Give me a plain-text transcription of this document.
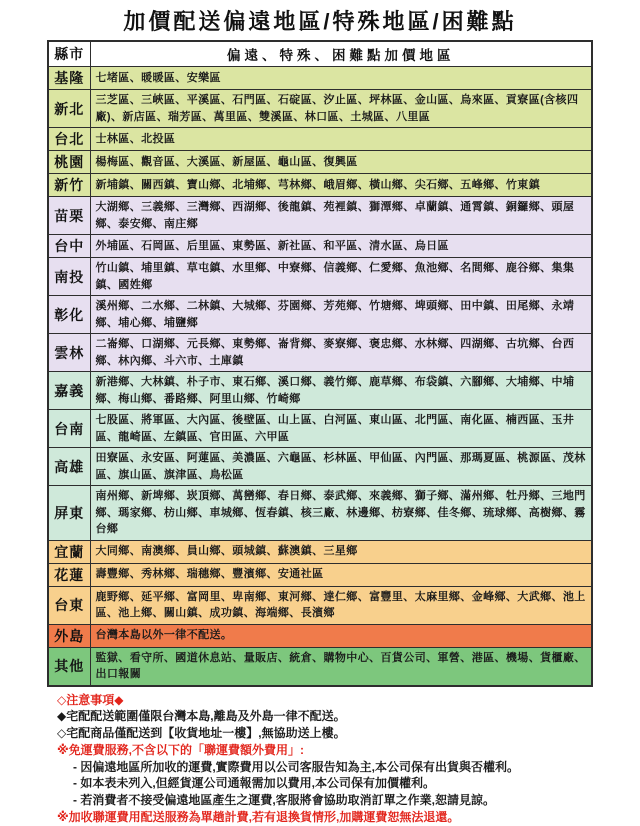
加價配送偏遠地區/特殊地區/困難點
縣市	偏遠、特殊、困難點加價地區
基隆	七堵區、暖暖區、安樂區
新北	三芝區、三峽區、平溪區、石門區、石碇區、汐止區、坪林區、金山區、烏來區、貢寮區(含核四廠)、新店區、瑞芳區、萬里區、雙溪區、林口區、土城區、八里區
台北	士林區、北投區
桃園	楊梅區、觀音區、大溪區、新屋區、龜山區、復興區
新竹	新埔鎮、關西鎮、寶山鄉、北埔鄉、芎林鄉、峨眉鄉、橫山鄉、尖石鄉、五峰鄉、竹東鎮
苗栗	大湖鄉、三義鄉、三灣鄉、西湖鄉、後龍鎮、苑裡鎮、獅潭鄉、卓蘭鎮、通霄鎮、銅鑼鄉、頭屋鄉、泰安鄉、南庄鄉
台中	外埔區、石岡區、后里區、東勢區、新社區、和平區、清水區、烏日區
南投	竹山鎮、埔里鎮、草屯鎮、水里鄉、中寮鄉、信義鄉、仁愛鄉、魚池鄉、名間鄉、鹿谷鄉、集集鎮、國姓鄉
彰化	溪州鄉、二水鄉、二林鎮、大城鄉、芬園鄉、芳苑鄉、竹塘鄉、埤頭鄉、田中鎮、田尾鄉、永靖鄉、埔心鄉、埔鹽鄉
雲林	二崙鄉、口湖鄉、元長鄉、東勢鄉、崙背鄉、麥寮鄉、褒忠鄉、水林鄉、四湖鄉、古坑鄉、台西鄉、林內鄉、斗六市、土庫鎮
嘉義	新港鄉、大林鎮、朴子市、東石鄉、溪口鄉、義竹鄉、鹿草鄉、布袋鎮、六腳鄉、大埔鄉、中埔鄉、梅山鄉、番路鄉、阿里山鄉、竹崎鄉
台南	七股區、將軍區、大內區、後壁區、山上區、白河區、東山區、北門區、南化區、楠西區、玉井區、龍崎區、左鎮區、官田區、六甲區
高雄	田寮區、永安區、阿蓮區、美濃區、六龜區、杉林區、甲仙區、內門區、那瑪夏區、桃源區、茂林區、旗山區、旗津區、鳥松區
屏東	南州鄉、新埤鄉、崁頂鄉、萬巒鄉、春日鄉、泰武鄉、來義鄉、獅子鄉、滿州鄉、牡丹鄉、三地門鄉、瑪家鄉、枋山鄉、車城鄉、恆春鎮、核三廠、林邊鄉、枋寮鄉、佳冬鄉、琉球鄉、高樹鄉、霧台鄉
宜蘭	大同鄉、南澳鄉、員山鄉、頭城鎮、蘇澳鎮、三星鄉
花蓮	壽豐鄉、秀林鄉、瑞穗鄉、豐濱鄉、安通社區
台東	鹿野鄉、延平鄉、富岡里、卑南鄉、東河鄉、達仁鄉、富豐里、太麻里鄉、金峰鄉、大武鄉、池上區、池上鄉、關山鎮、成功鎮、海端鄉、長濱鄉
外島	台灣本島以外一律不配送。
其他	監獄、看守所、國道休息站、量販店、統倉、購物中心、百貨公司、軍營、港區、機場、貨櫃廠、出口報關
◇注意事項◆
◆宅配配送範圍僅限台灣本島,離島及外島一律不配送。
◇宅配商品僅配送到【收貨地址一樓】,無協助送上樓。
※免運費服務,不含以下的「聯運費額外費用」:
- 因偏遠地區所加收的運費,實際費用以公司客服告知為主,本公司保有出貨與否權利。
- 如本表未列入,但經貨運公司通報需加以費用,本公司保有加價權利。
- 若消費者不接受偏遠地區產生之運費,客服將會協助取消訂單之作業,恕請見諒。
※加收聯運費用配送服務為單趟計費,若有退換貨情形,加購運費恕無法退還。
